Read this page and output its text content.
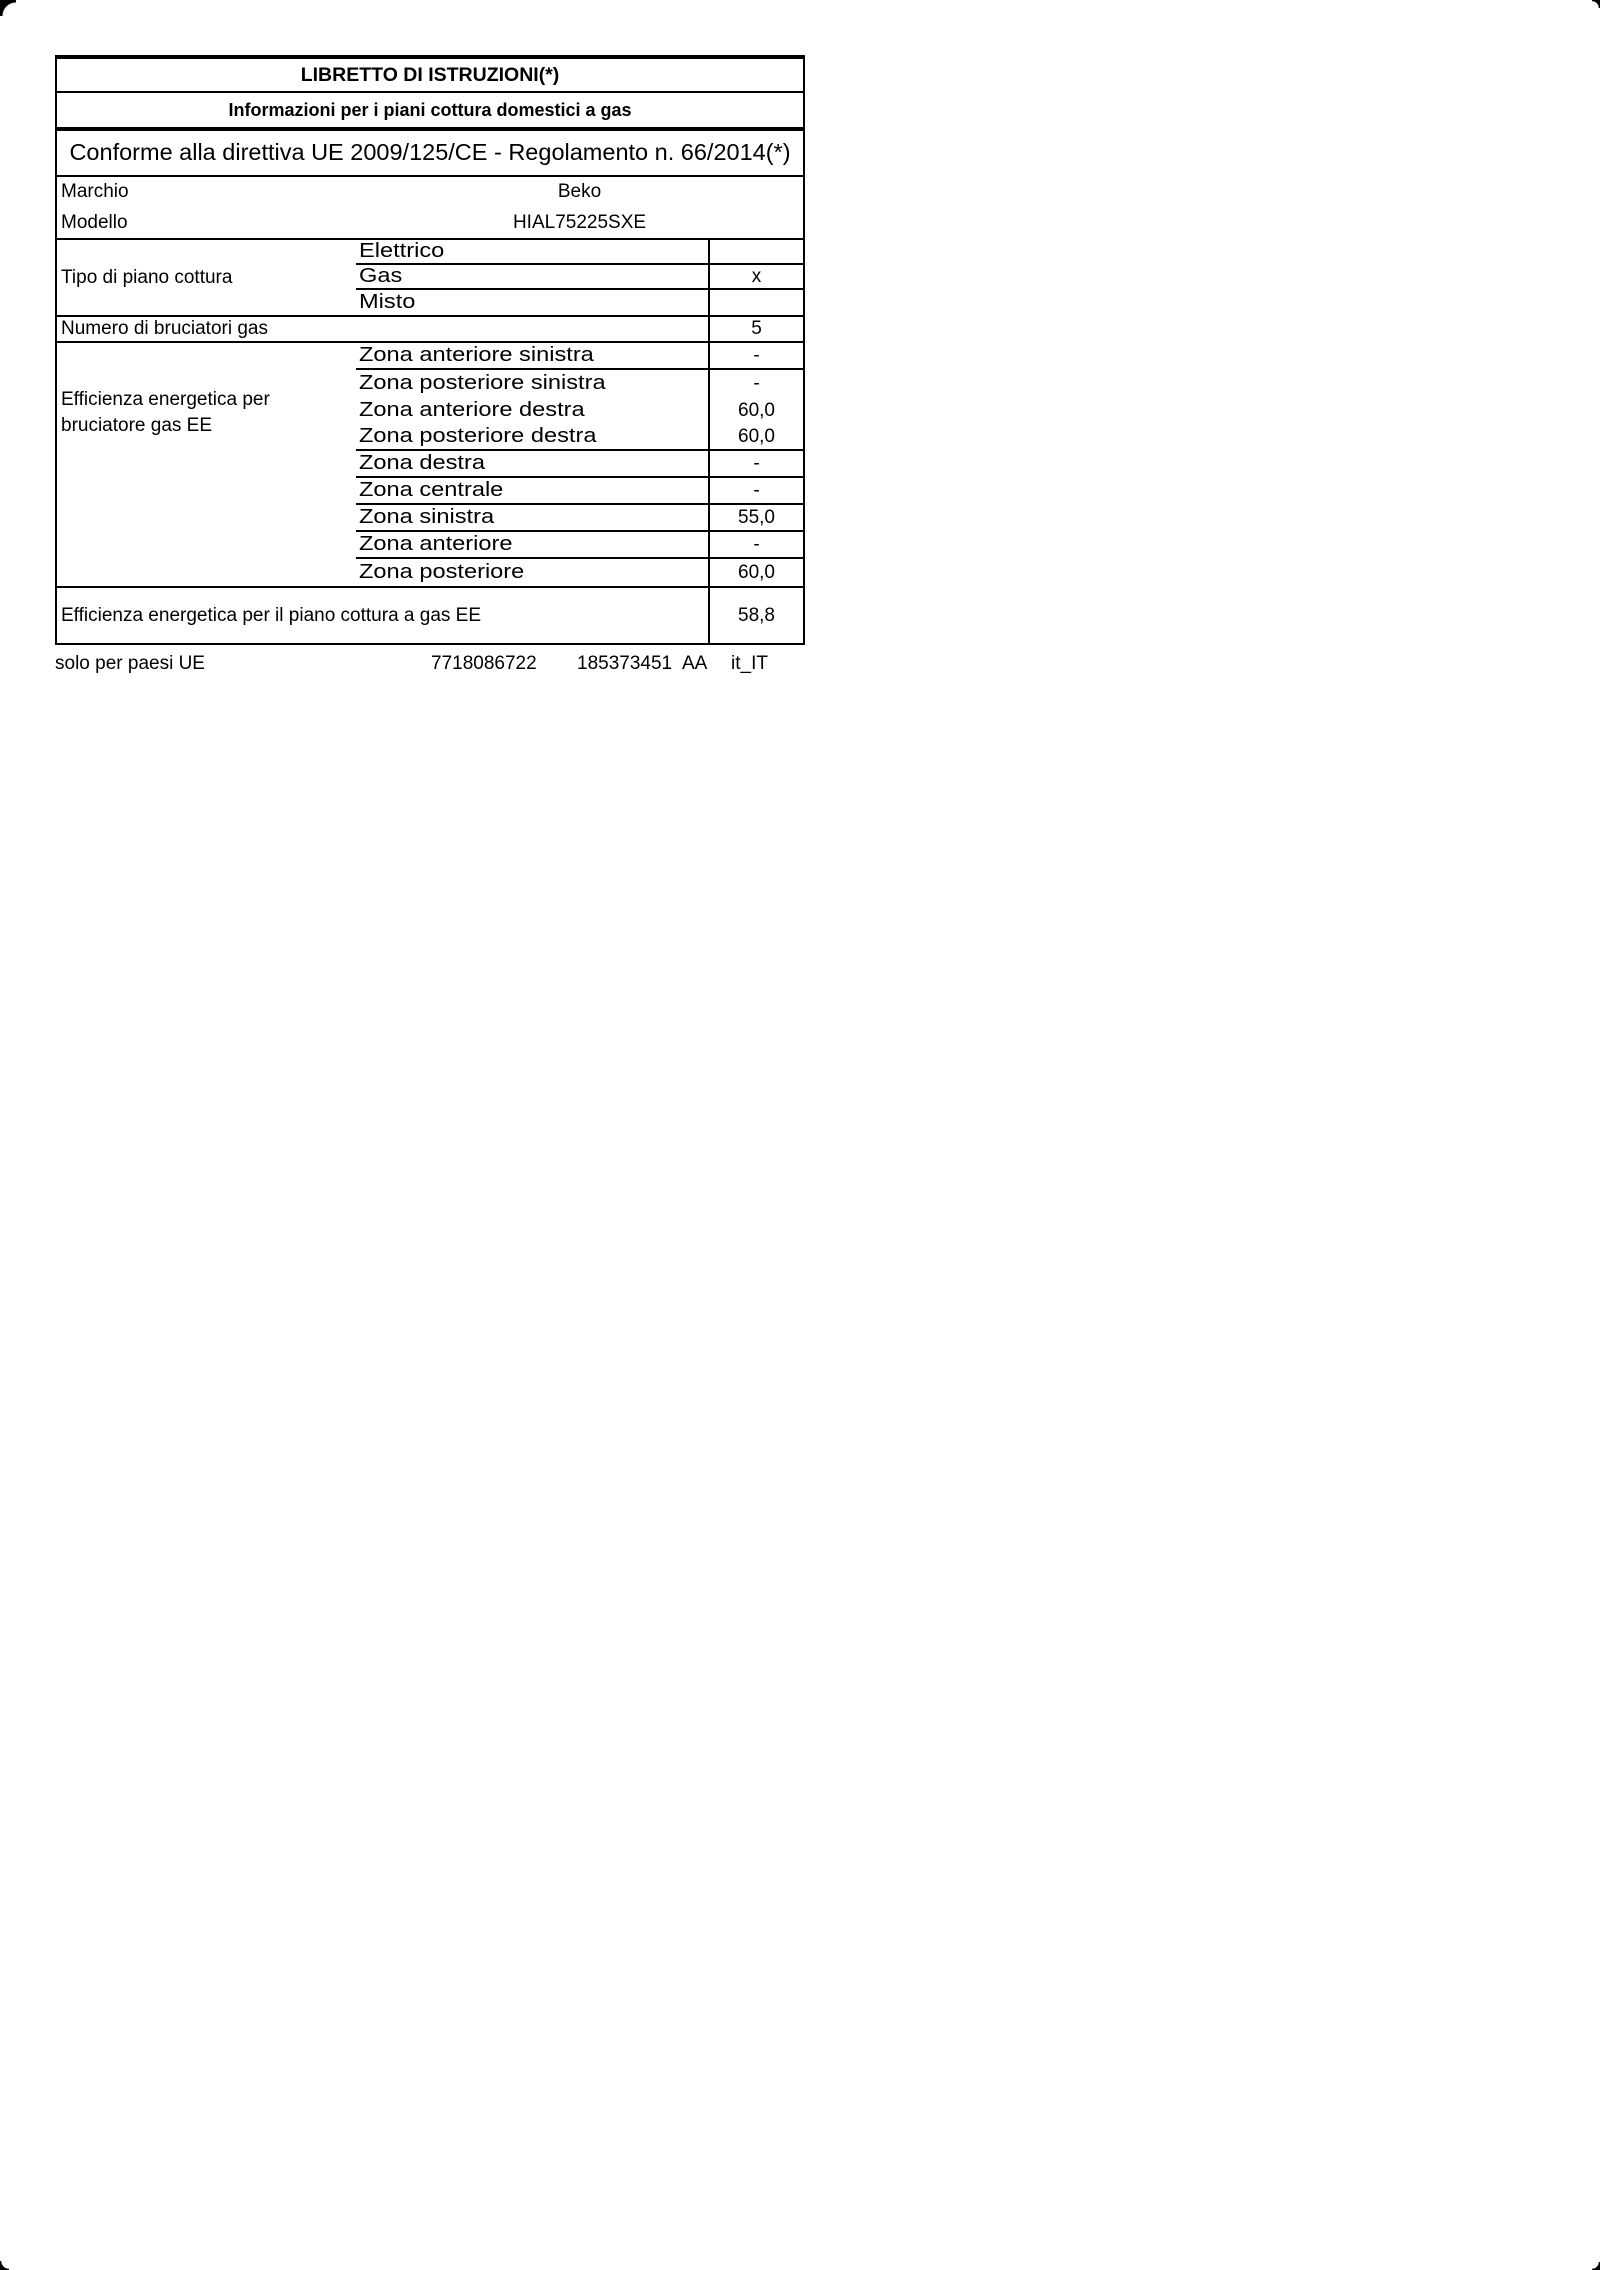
LIBRETTO DI ISTRUZIONI(*)
Informazioni per i piani cottura domestici a gas
Conforme alla direttiva UE 2009/125/CE - Regolamento n. 66/2014(*)
Marchio	Beko
Modello	HIAL75225SXE
Tipo di piano cottura
Elettrico
Gas	x
Misto
Numero di bruciatori gas	5
Efficienza energetica per
bruciatore gas EE
Zona anteriore sinistra	-
Zona posteriore sinistra	-
Zona anteriore destra	60,0
Zona posteriore destra	60,0
Zona destra	-
Zona centrale	-
Zona sinistra	55,0
Zona anteriore	-
Zona posteriore	60,0
Efficienza energetica per il piano cottura a gas EE	58,8
solo per paesi UE	7718086722 185373451 AA it_IT
